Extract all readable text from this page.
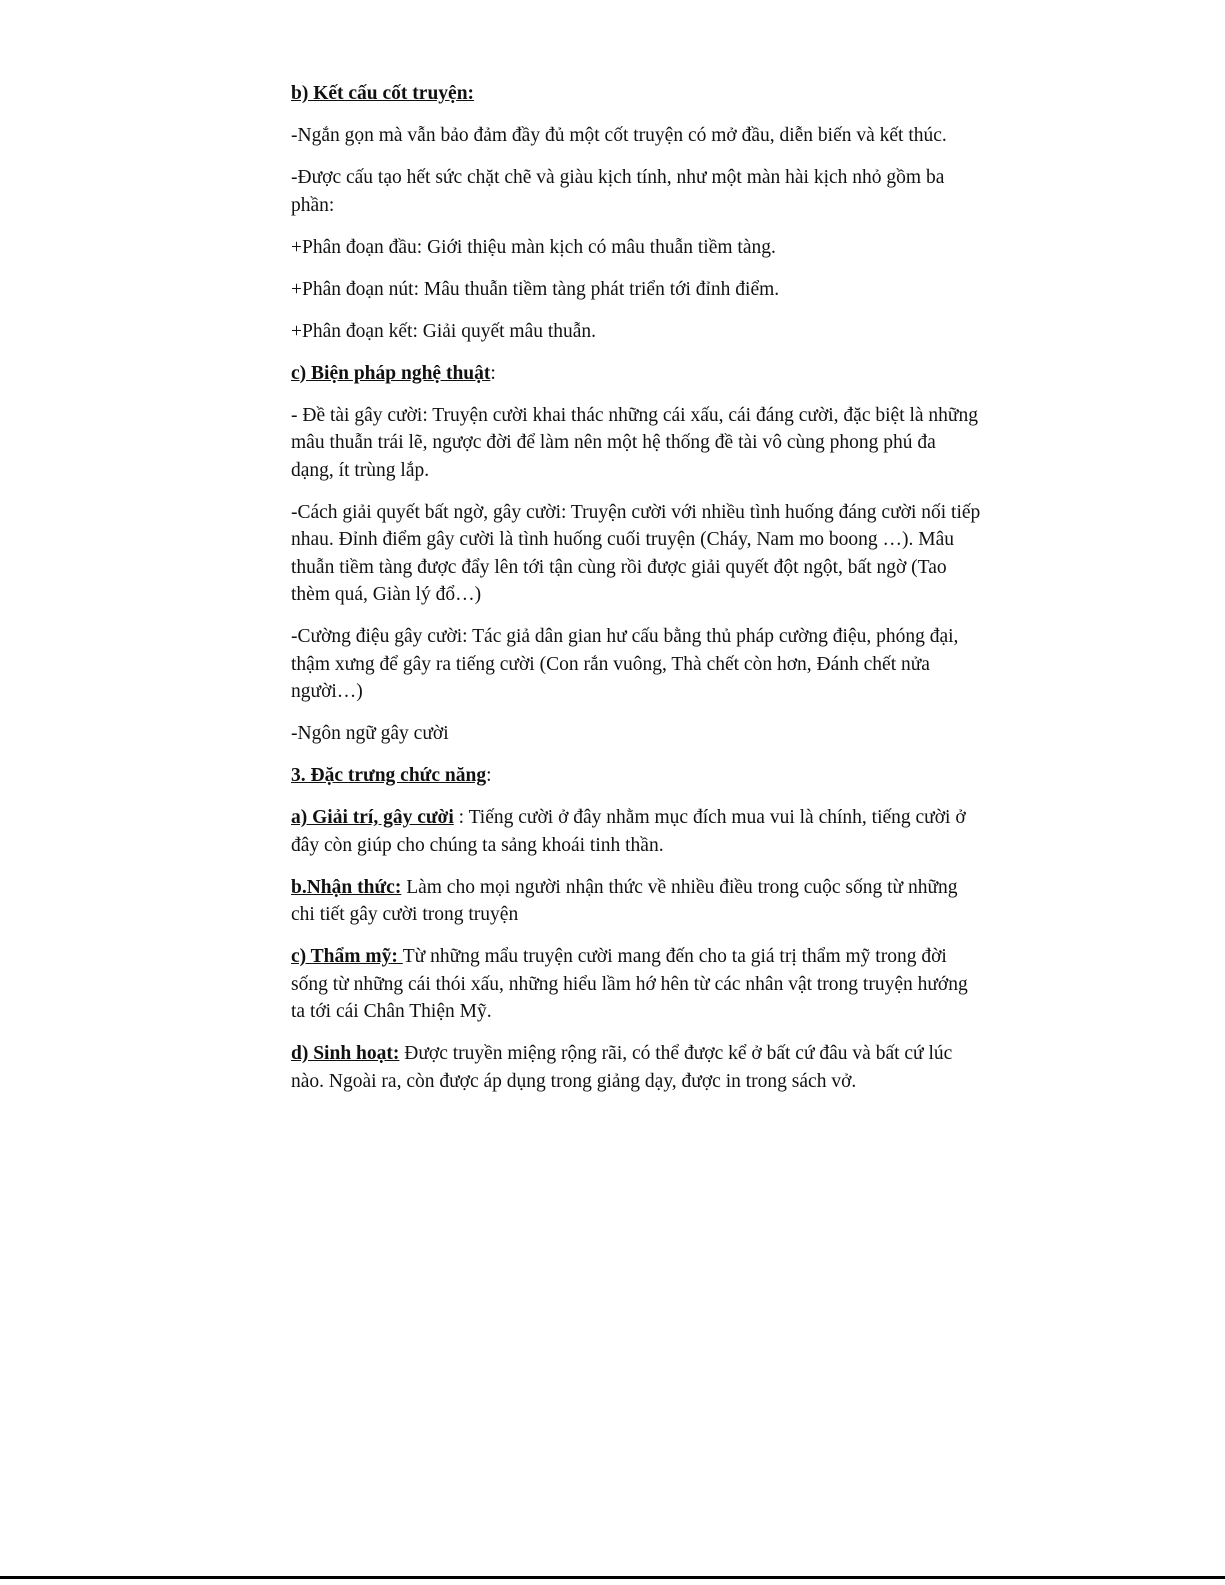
b) Kết cấu cốt truyện:

-Ngắn gọn mà vẫn bảo đảm đầy đủ một cốt truyện có mở đầu, diễn biến và kết thúc.

-Được cấu tạo hết sức chặt chẽ và giàu kịch tính, như một màn hài kịch nhỏ gồm ba phần:

+Phân đoạn đầu: Giới thiệu màn kịch có mâu thuẫn tiềm tàng.

+Phân đoạn nút: Mâu thuẫn tiềm tàng phát triển tới đỉnh điểm.

+Phân đoạn kết: Giải quyết mâu thuẫn.

c) Biện pháp nghệ thuật:

- Đề tài gây cười: Truyện cười khai thác những cái xấu, cái đáng cười, đặc biệt là những mâu thuẫn trái lẽ, ngược đời để làm nên một hệ thống đề tài vô cùng phong phú đa dạng, ít trùng lắp.

-Cách giải quyết bất ngờ, gây cười: Truyện cười với nhiều tình huống đáng cười nối tiếp nhau. Đỉnh điểm gây cười là tình huống cuối truyện (Cháy, Nam mo boong …). Mâu thuẫn tiềm tàng được đẩy lên tới tận cùng rồi được giải quyết đột ngột, bất ngờ (Tao thèm quá, Giàn lý đổ…)

-Cường điệu gây cười: Tác giả dân gian hư cấu bằng thủ pháp cường điệu, phóng đại, thậm xưng để gây ra tiếng cười (Con rắn vuông, Thà chết còn hơn, Đánh chết nửa người…)

-Ngôn ngữ gây cười

3. Đặc trưng chức năng:

a) Giải trí, gây cười : Tiếng cười ở đây nhằm mục đích mua vui là chính, tiếng cười ở đây còn giúp cho chúng ta sảng khoái tinh thần.

b.Nhận thức: Làm cho mọi người nhận thức về nhiều điều trong cuộc sống từ những chi tiết gây cười trong truyện

c) Thẩm mỹ: Từ những mẩu truyện cười mang đến cho ta giá trị thẩm mỹ trong đời sống từ những cái thói xấu, những hiểu lầm hớ hên từ các nhân vật trong truyện hướng ta tới cái Chân Thiện Mỹ.

d) Sinh hoạt: Được truyền miệng rộng rãi, có thể được kể ở bất cứ đâu và bất cứ lúc nào. Ngoài ra, còn được áp dụng trong giảng dạy, được in trong sách vở.
